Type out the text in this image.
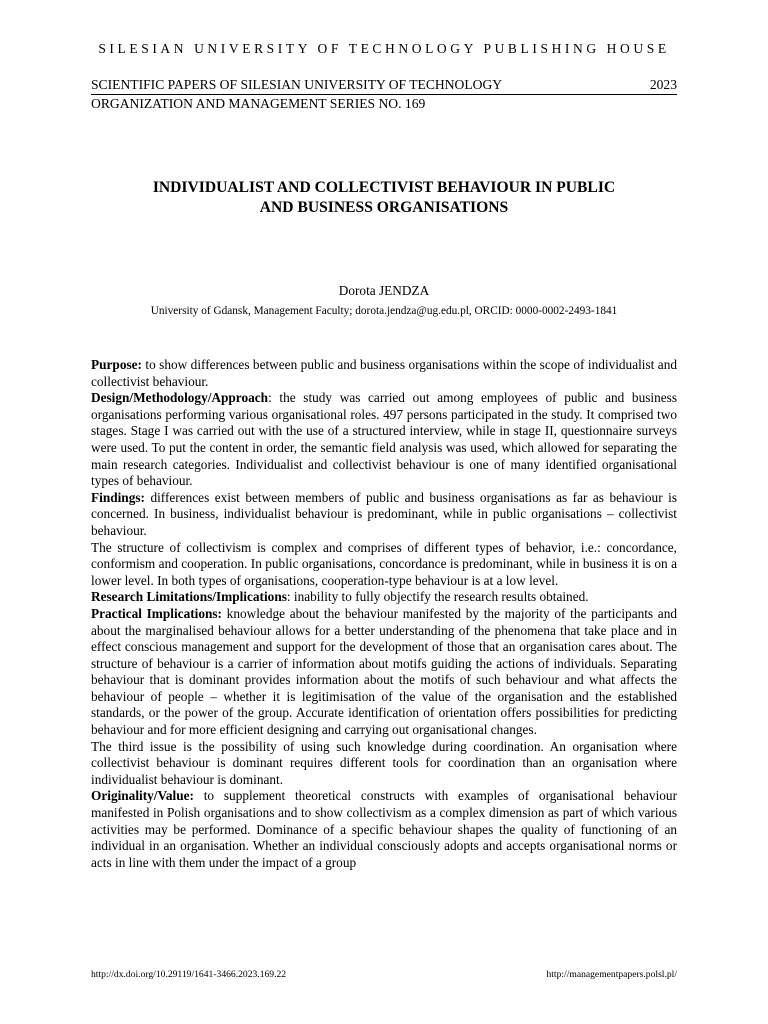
SILESIAN UNIVERSITY OF TECHNOLOGY PUBLISHING HOUSE
SCIENTIFIC PAPERS OF SILESIAN UNIVERSITY OF TECHNOLOGY	2023
ORGANIZATION AND MANAGEMENT SERIES NO. 169
INDIVIDUALIST AND COLLECTIVIST BEHAVIOUR IN PUBLIC
AND BUSINESS ORGANISATIONS
Dorota JENDZA
University of Gdansk, Management Faculty; dorota.jendza@ug.edu.pl, ORCID: 0000-0002-2493-1841

Purpose: to show differences between public and business organisations within the scope of individualist and collectivist behaviour.

Design/Methodology/Approach: the study was carried out among employees of public and business organisations performing various organisational roles. 497 persons participated in the study. It comprised two stages. Stage I was carried out with the use of a structured interview, while in stage II, questionnaire surveys were used. To put the content in order, the semantic field analysis was used, which allowed for separating the main research categories. Individualist and collectivist behaviour is one of many identified organisational types of behaviour.

Findings: differences exist between members of public and business organisations as far as behaviour is concerned. In business, individualist behaviour is predominant, while in public organisations – collectivist behaviour.

The structure of collectivism is complex and comprises of different types of behavior, i.e.: concordance, conformism and cooperation. In public organisations, concordance is predominant, while in business it is on a lower level. In both types of organisations, cooperation-type behaviour is at a low level.

Research Limitations/Implications: inability to fully objectify the research results obtained.

Practical Implications: knowledge about the behaviour manifested by the majority of the participants and about the marginalised behaviour allows for a better understanding of the phenomena that take place and in effect conscious management and support for the development of those that an organisation cares about. The structure of behaviour is a carrier of information about motifs guiding the actions of individuals. Separating behaviour that is dominant provides information about the motifs of such behaviour and what affects the behaviour of people – whether it is legitimisation of the value of the organisation and the established standards, or the power of the group. Accurate identification of orientation offers possibilities for predicting behaviour and for more efficient designing and carrying out organisational changes.

The third issue is the possibility of using such knowledge during coordination. An organisation where collectivist behaviour is dominant requires different tools for coordination than an organisation where individualist behaviour is dominant.

Originality/Value: to supplement theoretical constructs with examples of organisational behaviour manifested in Polish organisations and to show collectivism as a complex dimension as part of which various activities may be performed. Dominance of a specific behaviour shapes the quality of functioning of an individual in an organisation. Whether an individual consciously adopts and accepts organisational norms or acts in line with them under the impact of a group

http://dx.doi.org/10.29119/1641-3466.2023.169.22	http://managementpapers.polsl.pl/
